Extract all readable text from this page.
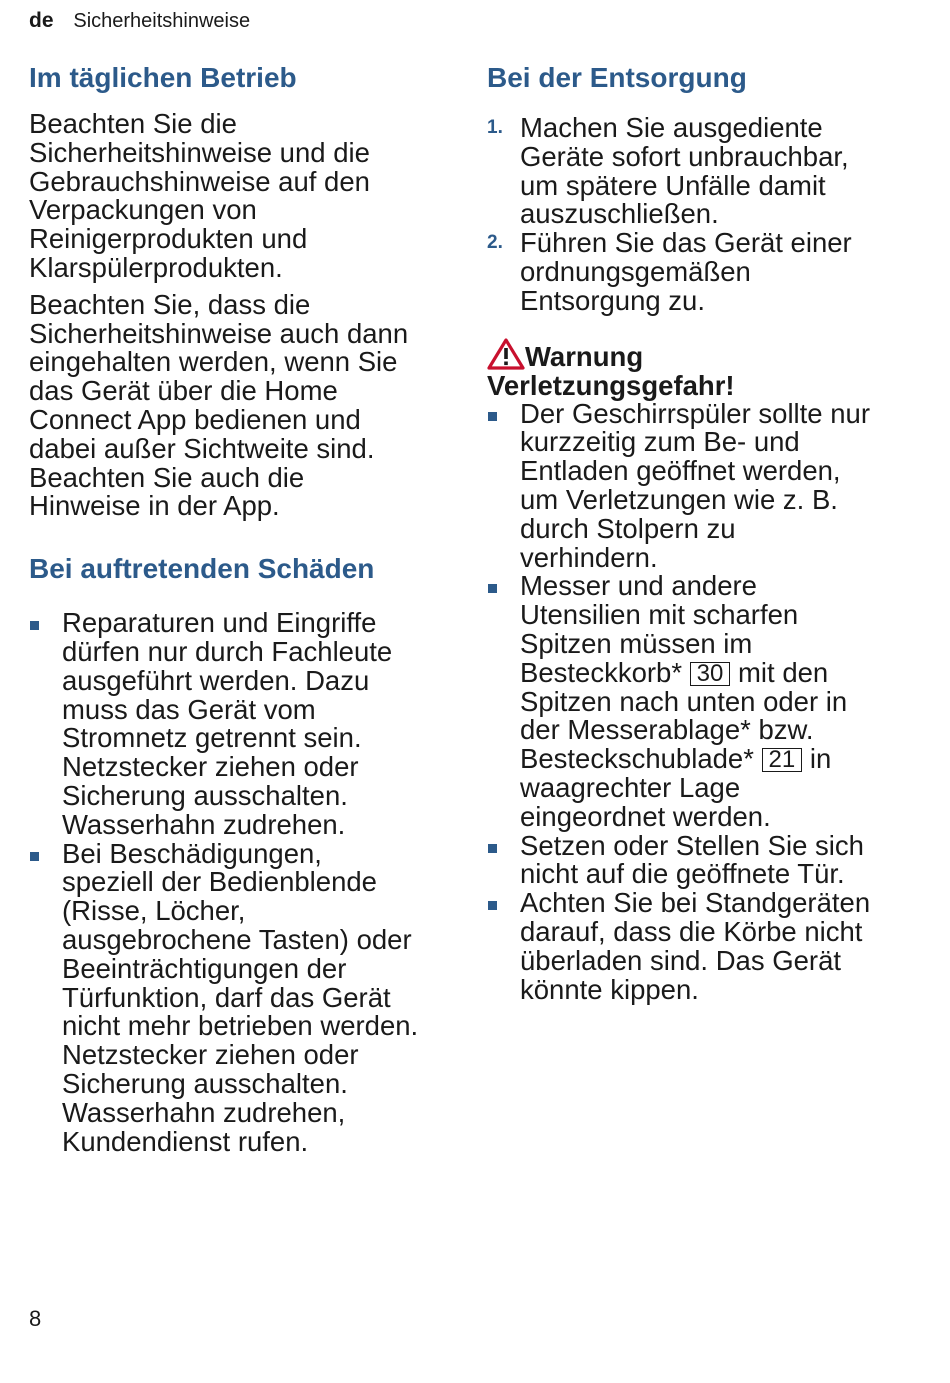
de Sicherheitshinweise
Im täglichen Betrieb

Beachten Sie die
Sicherheitshinweise und die
Gebrauchshinweise auf den
Verpackungen von
Reinigerprodukten und
Klarspülerprodukten.

Beachten Sie, dass die
Sicherheitshinweise auch dann
eingehalten werden, wenn Sie
das Gerät über die Home
Connect App bedienen und
dabei außer Sichtweite sind.
Beachten Sie auch die
Hinweise in der App.

Bei auftretenden Schäden
Reparaturen und Eingriffe
dürfen nur durch Fachleute
ausgeführt werden. Dazu
muss das Gerät vom
Stromnetz getrennt sein.
Netzstecker ziehen oder
Sicherung ausschalten.
Wasserhahn zudrehen.
Bei Beschädigungen,
speziell der Bedienblende
(Risse, Löcher,
ausgebrochene Tasten) oder
Beeinträchtigungen der
Türfunktion, darf das Gerät
nicht mehr betrieben werden.
Netzstecker ziehen oder
Sicherung ausschalten.
Wasserhahn zudrehen,
Kundendienst rufen.
Bei der Entsorgung
1. Machen Sie ausgediente
Geräte sofort unbrauchbar,
um spätere Unfälle damit
auszuschließen.
2. Führen Sie das Gerät einer
ordnungsgemäßen
Entsorgung zu.
Warnung
Verletzungsgefahr!
Der Geschirrspüler sollte nur
kurzzeitig zum Be- und
Entladen geöffnet werden,
um Verletzungen wie z. B.
durch Stolpern zu
verhindern.
Messer und andere
Utensilien mit scharfen
Spitzen müssen im
Besteckkorb* 30 mit den
Spitzen nach unten oder in
der Messerablage* bzw.
Besteckschublade* 21 in
waagrechter Lage
eingeordnet werden.
Setzen oder Stellen Sie sich
nicht auf die geöffnete Tür.
Achten Sie bei Standgeräten
darauf, dass die Körbe nicht
überladen sind. Das Gerät
könnte kippen.
8
